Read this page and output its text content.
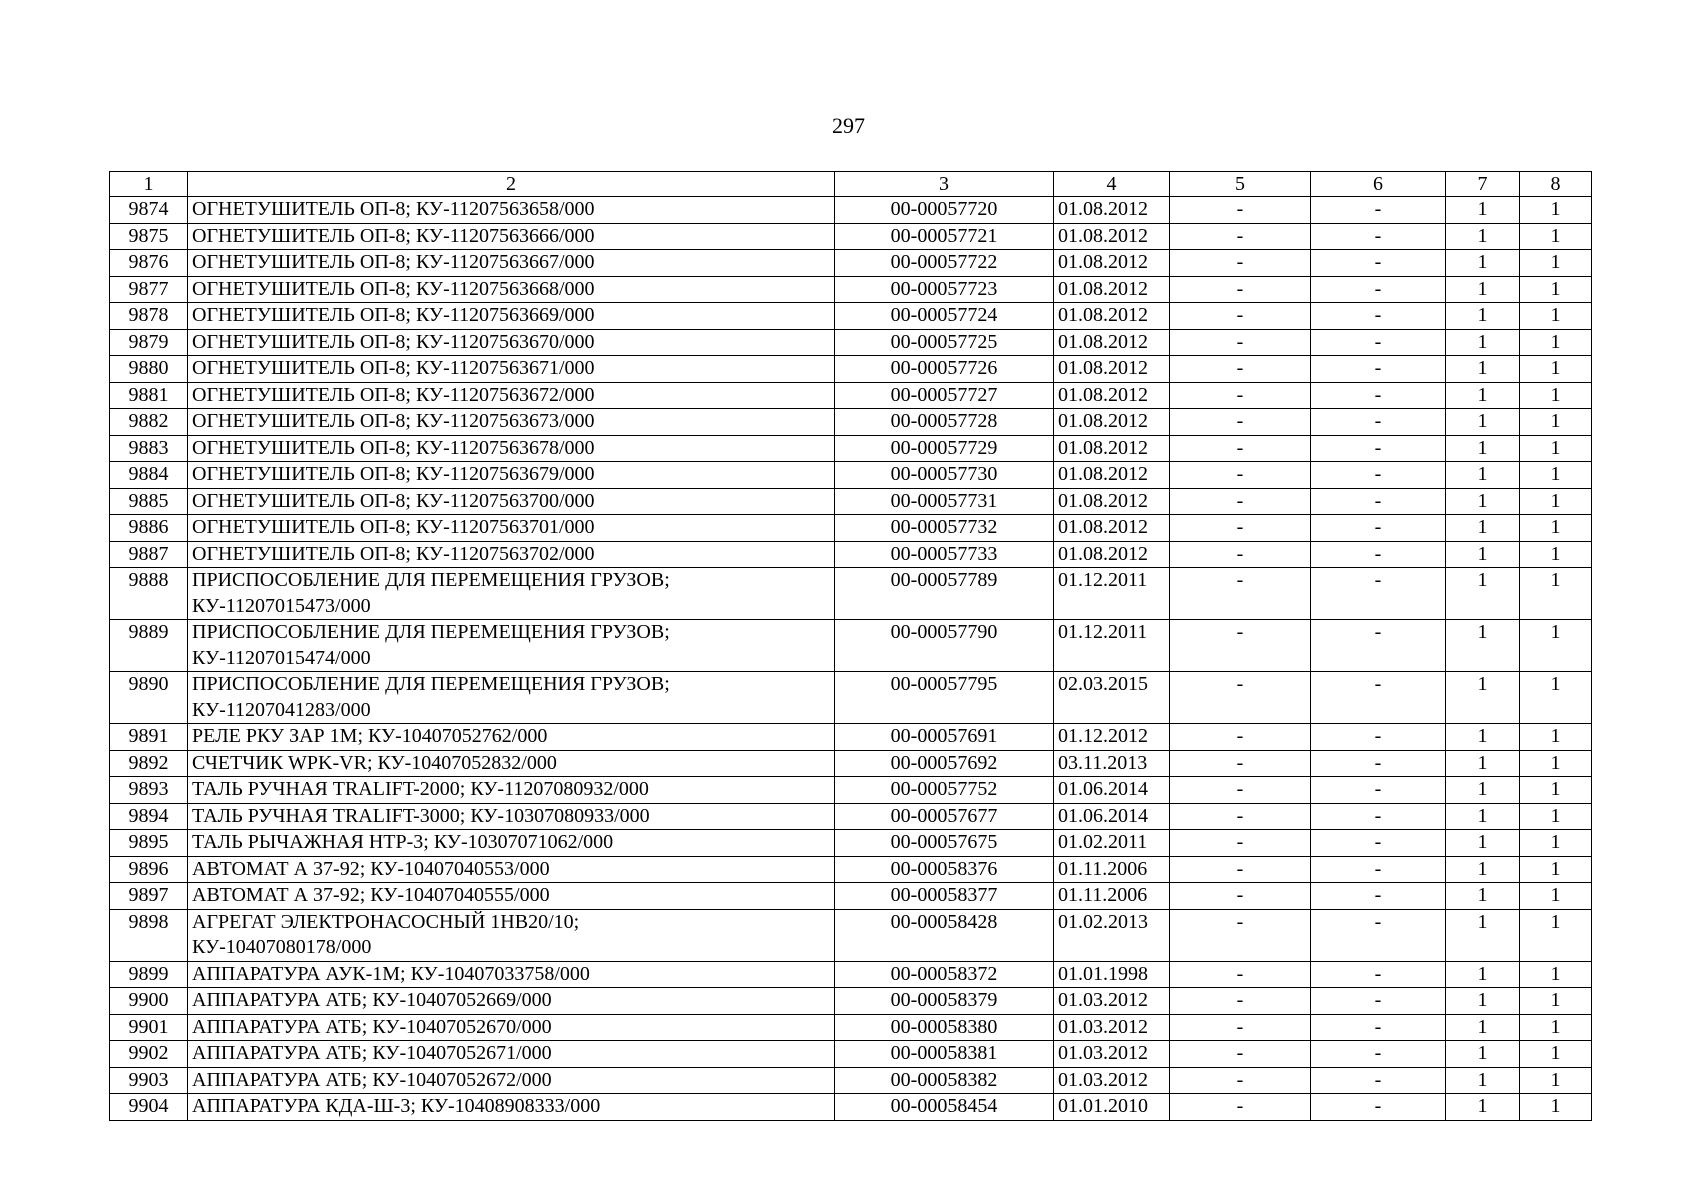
297
1	2	3	4	5	6	7	8
9874	ОГНЕТУШИТЕЛЬ ОП-8; КУ-11207563658/000	00-00057720	01.08.2012	-	-	1	1
9875	ОГНЕТУШИТЕЛЬ ОП-8; КУ-11207563666/000	00-00057721	01.08.2012	-	-	1	1
9876	ОГНЕТУШИТЕЛЬ ОП-8; КУ-11207563667/000	00-00057722	01.08.2012	-	-	1	1
9877	ОГНЕТУШИТЕЛЬ ОП-8; КУ-11207563668/000	00-00057723	01.08.2012	-	-	1	1
9878	ОГНЕТУШИТЕЛЬ ОП-8; КУ-11207563669/000	00-00057724	01.08.2012	-	-	1	1
9879	ОГНЕТУШИТЕЛЬ ОП-8; КУ-11207563670/000	00-00057725	01.08.2012	-	-	1	1
9880	ОГНЕТУШИТЕЛЬ ОП-8; КУ-11207563671/000	00-00057726	01.08.2012	-	-	1	1
9881	ОГНЕТУШИТЕЛЬ ОП-8; КУ-11207563672/000	00-00057727	01.08.2012	-	-	1	1
9882	ОГНЕТУШИТЕЛЬ ОП-8; КУ-11207563673/000	00-00057728	01.08.2012	-	-	1	1
9883	ОГНЕТУШИТЕЛЬ ОП-8; КУ-11207563678/000	00-00057729	01.08.2012	-	-	1	1
9884	ОГНЕТУШИТЕЛЬ ОП-8; КУ-11207563679/000	00-00057730	01.08.2012	-	-	1	1
9885	ОГНЕТУШИТЕЛЬ ОП-8; КУ-11207563700/000	00-00057731	01.08.2012	-	-	1	1
9886	ОГНЕТУШИТЕЛЬ ОП-8; КУ-11207563701/000	00-00057732	01.08.2012	-	-	1	1
9887	ОГНЕТУШИТЕЛЬ ОП-8; КУ-11207563702/000	00-00057733	01.08.2012	-	-	1	1
9888	ПРИСПОСОБЛЕНИЕ ДЛЯ ПЕРЕМЕЩЕНИЯ ГРУЗОВ;
КУ-11207015473/000	00-00057789	01.12.2011	-	-	1	1
9889	ПРИСПОСОБЛЕНИЕ ДЛЯ ПЕРЕМЕЩЕНИЯ ГРУЗОВ;
КУ-11207015474/000	00-00057790	01.12.2011	-	-	1	1
9890	ПРИСПОСОБЛЕНИЕ ДЛЯ ПЕРЕМЕЩЕНИЯ ГРУЗОВ;
КУ-11207041283/000	00-00057795	02.03.2015	-	-	1	1
9891	РЕЛЕ РКУ ЗАР 1М; КУ-10407052762/000	00-00057691	01.12.2012	-	-	1	1
9892	СЧЕТЧИК WPK-VR; КУ-10407052832/000	00-00057692	03.11.2013	-	-	1	1
9893	ТАЛЬ РУЧНАЯ TRALIFT-2000; КУ-11207080932/000	00-00057752	01.06.2014	-	-	1	1
9894	ТАЛЬ РУЧНАЯ TRALIFT-3000; КУ-10307080933/000	00-00057677	01.06.2014	-	-	1	1
9895	ТАЛЬ РЫЧАЖНАЯ HTP-3; КУ-10307071062/000	00-00057675	01.02.2011	-	-	1	1
9896	АВТОМАТ А 37-92; КУ-10407040553/000	00-00058376	01.11.2006	-	-	1	1
9897	АВТОМАТ А 37-92; КУ-10407040555/000	00-00058377	01.11.2006	-	-	1	1
9898	АГРЕГАТ ЭЛЕКТРОНАСОСНЫЙ 1НВ20/10;
КУ-10407080178/000	00-00058428	01.02.2013	-	-	1	1
9899	АППАРАТУРА АУК-1М; КУ-10407033758/000	00-00058372	01.01.1998	-	-	1	1
9900	АППАРАТУРА АТБ; КУ-10407052669/000	00-00058379	01.03.2012	-	-	1	1
9901	АППАРАТУРА АТБ; КУ-10407052670/000	00-00058380	01.03.2012	-	-	1	1
9902	АППАРАТУРА АТБ; КУ-10407052671/000	00-00058381	01.03.2012	-	-	1	1
9903	АППАРАТУРА АТБ; КУ-10407052672/000	00-00058382	01.03.2012	-	-	1	1
9904	АППАРАТУРА КДА-Ш-3; КУ-10408908333/000	00-00058454	01.01.2010	-	-	1	1
